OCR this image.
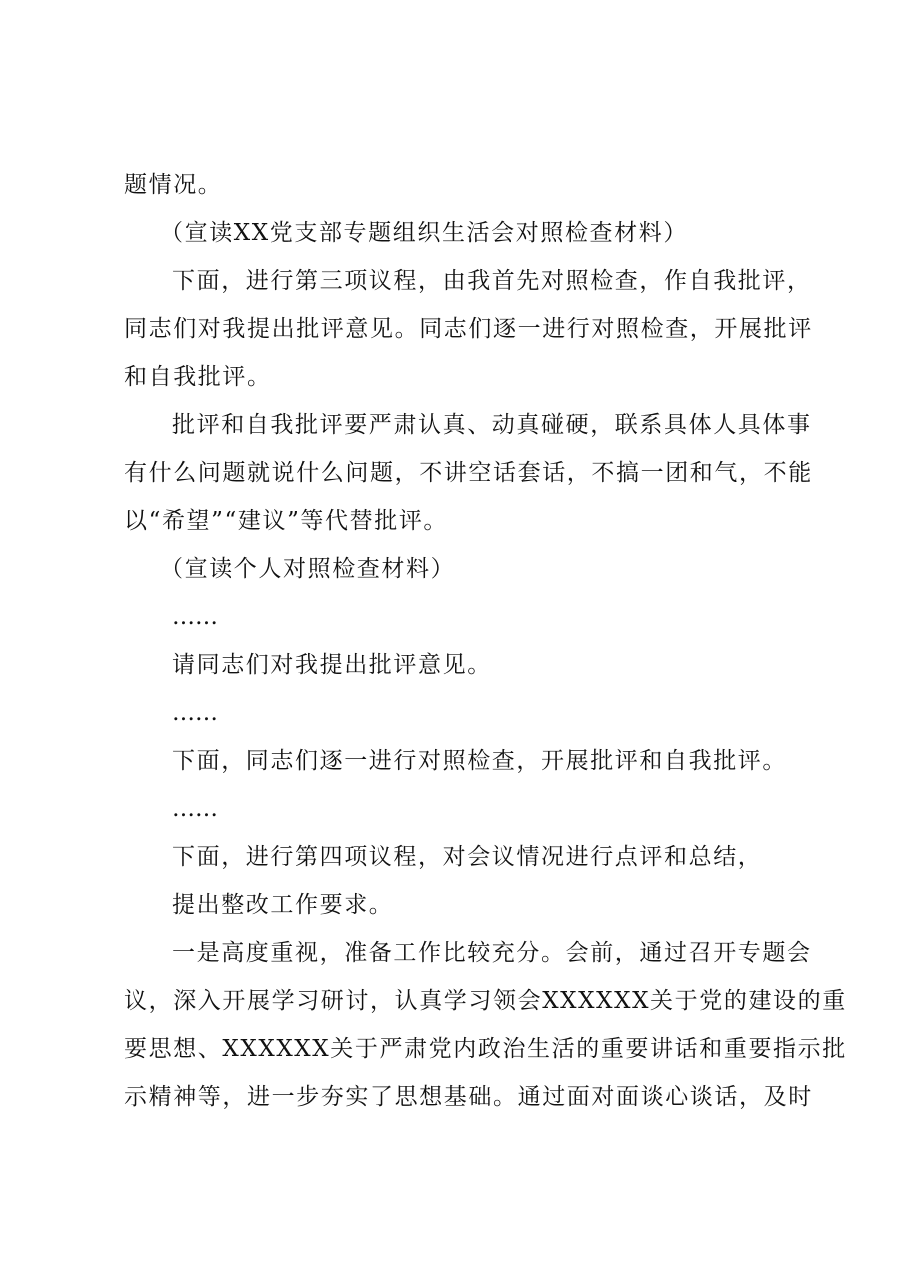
题情况。
（宣读XX党支部专题组织生活会对照检查材料）
下面，进行第三项议程，由我首先对照检查，作自我批评，
同志们对我提出批评意见。同志们逐一进行对照检查，开展批评
和自我批评。
批评和自我批评要严肃认真、动真碰硬，联系具体人具体事
有什么问题就说什么问题，不讲空话套话，不搞一团和气，不能
以“希望”“建议”等代替批评。
（宣读个人对照检查材料）
……
请同志们对我提出批评意见。
……
下面，同志们逐一进行对照检查，开展批评和自我批评。
……
下面，进行第四项议程，对会议情况进行点评和总结，
提出整改工作要求。
一是高度重视，准备工作比较充分。会前，通过召开专题会
议，深入开展学习研讨，认真学习领会XXXXXX关于党的建设的重
要思想、XXXXXX关于严肃党内政治生活的重要讲话和重要指示批
示精神等，进一步夯实了思想基础。通过面对面谈心谈话，及时
